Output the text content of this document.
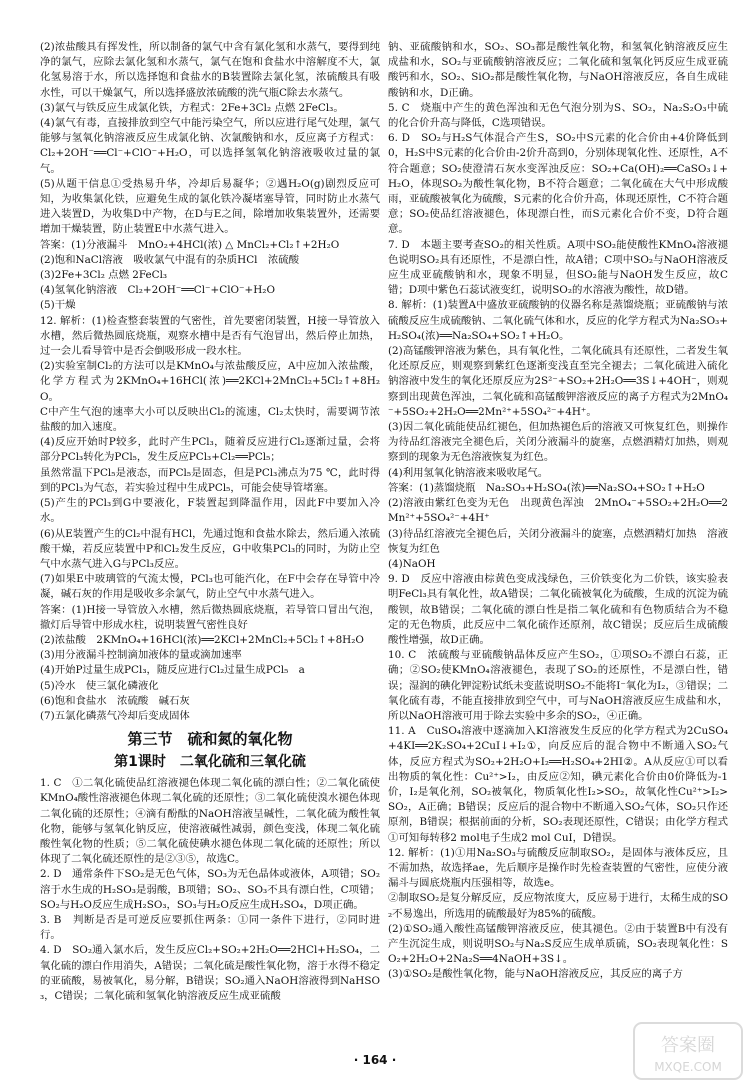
(2)浓盐酸具有挥发性，所以制备的氯气中含有氯化氢和水蒸气，要得到纯净的氯气，应除去氯化氢和水蒸气，氯气在饱和食盐水中溶解度不大，氯化氢易溶于水，所以选择饱和食盐水的B装置除去氯化氢，浓硫酸具有吸水性，可以干燥氯气，所以选择盛放浓硫酸的洗气瓶C除去水蒸气。

(3)氯气与铁反应生成氯化铁，方程式：2Fe+3Cl₂ 点燃 2FeCl₃。

(4)氯气有毒，直接排放到空气中能污染空气，所以应进行尾气处理，氯气能够与氢氧化钠溶液反应生成氯化钠、次氯酸钠和水，反应离子方程式：Cl₂+2OH⁻══Cl⁻+ClO⁻+H₂O，可以选择氢氧化钠溶液吸收过量的氯气。

(5)从题干信息①受热易升华，冷却后易凝华；②遇H₂O(g)剧烈反应可知，为收集氯化铁，应避免生成的氯化铁冷凝堵塞导管，同时防止水蒸气进入装置D，为收集D中产物，在D与E之间，除增加收集装置外，还需要增加干燥装置，防止装置E中水蒸气进入。

答案：(1)分液漏斗　MnO₂+4HCl(浓) △ MnCl₂+Cl₂↑+2H₂O

(2)饱和NaCl溶液　吸收氯气中混有的杂质HCl　浓硫酸

(3)2Fe+3Cl₂ 点燃 2FeCl₃

(4)氢氧化钠溶液　Cl₂+2OH⁻══Cl⁻+ClO⁻+H₂O

(5)干燥

12. 解析：(1)检查整套装置的气密性，首先要密闭装置，H接一导管放入水槽，然后微热圆底烧瓶，观察水槽中是否有气泡冒出，然后停止加热，过一会儿看导管中是否会倒吸形成一段水柱。

(2)实验室制Cl₂的方法可以是KMnO₄与浓盐酸反应，A中应加入浓盐酸，化学方程式为2KMnO₄+16HCl(浓)══2KCl+2MnCl₂+5Cl₂↑+8H₂O。

C中产生气泡的速率大小可以反映出Cl₂的流速，Cl₂太快时，需要调节浓盐酸的加入速度。

(4)反应开始时P较多，此时产生PCl₃，随着反应进行Cl₂逐渐过量，会将部分PCl₃转化为PCl₅，发生反应PCl₃+Cl₂══PCl₅；

虽然常温下PCl₅是液态，而PCl₅是固态，但是PCl₃沸点为75 ℃，此时得到的PCl₃为气态，若实验过程中生成PCl₅，可能会使导管堵塞。

(5)产生的PCl₃到G中要液化，F装置起到降温作用，因此F中要加入冷水。

(6)从E装置产生的Cl₂中混有HCl，先通过饱和食盐水除去，然后通入浓硫酸干燥，若反应装置中P和Cl₂发生反应，G中收集PCl₃的同时，为防止空气中水蒸气进入G与PCl₃反应。

(7)如果E中玻璃管的气流太慢，PCl₃也可能汽化，在F中会存在导管中冷凝，碱石灰的作用是吸收多余氯气，防止空气中水蒸气进入。

答案：(1)H接一导管放入水槽，然后微热圆底烧瓶，若导管口冒出气泡，撤灯后导管中形成水柱，说明装置气密性良好

(2)浓盐酸　2KMnO₄+16HCl(浓)══2KCl+2MnCl₂+5Cl₂↑+8H₂O

(3)用分液漏斗控制滴加液体的量或滴加速率

(4)开始P过量生成PCl₃，随反应进行Cl₂过量生成PCl₅　a

(5)冷水　使三氯化磷液化

(6)饱和食盐水　浓硫酸　碱石灰

(7)五氯化磷蒸气冷却后变成固体

第三节　硫和氮的氧化物
第1课时　二氧化硫和三氧化硫

1. C　①二氧化硫使品红溶液褪色体现二氧化硫的漂白性；②二氧化硫使KMnO₄酸性溶液褪色体现二氧化硫的还原性；③二氧化硫使溴水褪色体现二氧化硫的还原性；④滴有酚酞的NaOH溶液呈碱性，二氧化硫为酸性氧化物，能够与氢氧化钠反应，使溶液碱性减弱，颜色变浅，体现二氧化硫酸性氧化物的性质；⑤二氧化硫使碘水褪色体现二氧化硫的还原性；所以体现了二氧化硫还原性的是②③⑤，故选C。

2. D　通常条件下SO₂是无色气体，SO₃为无色晶体或液体，A项错；SO₂溶于水生成的H₂SO₃是弱酸，B项错；SO₂、SO₃不具有漂白性，C项错；SO₂与H₂O反应生成H₂SO₃，SO₃与H₂O反应生成H₂SO₄，D项正确。

3. B　判断是否是可逆反应要抓住两条：①同一条件下进行，②同时进行。

4. D　SO₂通入氯水后，发生反应Cl₂+SO₂+2H₂O══2HCl+H₂SO₄，二氧化硫的漂白作用消失，A错误；二氧化硫是酸性氧化物，溶于水得不稳定的亚硫酸，易被氧化，易分解，B错误；SO₂通入NaOH溶液得到NaHSO₃，C错误；二氧化硫和氢氧化钠溶液反应生成亚硫酸

钠、亚硫酸钠和水，SO₂、SO₃都是酸性氧化物，和氢氧化钠溶液反应生成盐和水，SO₂与亚硫酸钠溶液反应；二氧化硫和氢氧化钙反应生成亚硫酸钙和水，SO₂、SiO₂都是酸性氧化物，与NaOH溶液反应，各自生成硅酸钠和水，D正确。

5. C　烧瓶中产生的黄色浑浊和无色气泡分别为S、SO₂，Na₂S₂O₃中硫的化合价升高与降低，C选项错误。

6. D　SO₂与H₂S气体混合产生S，SO₂中S元素的化合价由+4价降低到0，H₂S中S元素的化合价由-2价升高到0，分别体现氧化性、还原性，A不符合题意；SO₂使澄清石灰水变浑浊反应：SO₂+Ca(OH)₂══CaSO₃↓+H₂O，体现SO₂为酸性氧化物，B不符合题意；二氧化硫在大气中形成酸雨，亚硫酸被氧化为硫酸，S元素的化合价升高，体现还原性，C不符合题意；SO₂使品红溶液褪色，体现漂白性，而S元素化合价不变，D符合题意。

7. D　本题主要考查SO₂的相关性质。A项中SO₂能使酸性KMnO₄溶液褪色说明SO₂具有还原性，不是漂白性，故A错；C项中SO₂与NaOH溶液反应生成亚硫酸钠和水，现象不明显，但SO₂能与NaOH发生反应，故C错；D项中紫色石蕊试液变红，说明SO₂的水溶液为酸性，故D错。

8. 解析：(1)装置A中盛放亚硫酸钠的仪器名称是蒸馏烧瓶；亚硫酸钠与浓硫酸反应生成硫酸钠、二氧化硫气体和水，反应的化学方程式为Na₂SO₃+H₂SO₄(浓)══Na₂SO₄+SO₂↑+H₂O。

(2)高锰酸钾溶液为紫色，具有氧化性，二氧化硫具有还原性，二者发生氧化还原反应，则观察到紫红色逐渐变浅直至完全褪去；二氧化硫进入硫化钠溶液中发生的氧化还原反应为2S²⁻+SO₂+2H₂O══3S↓+4OH⁻，则观察到出现黄色浑浊，二氧化硫和高锰酸钾溶液反应的离子方程式为2MnO₄⁻+5SO₂+2H₂O══2Mn²⁺+5SO₄²⁻+4H⁺。

(3)因二氧化硫能使品红褪色，但加热褪色后的溶液又可恢复红色，则操作为待品红溶液完全褪色后，关闭分液漏斗的旋塞，点燃酒精灯加热，则观察到的现象为无色溶液恢复为红色。

(4)利用氢氧化钠溶液来吸收尾气。

答案：(1)蒸馏烧瓶　Na₂SO₃+H₂SO₄(浓)══Na₂SO₄+SO₂↑+H₂O

(2)溶液由紫红色变为无色　出现黄色浑浊　2MnO₄⁻+5SO₂+2H₂O══2Mn²⁺+5SO₄²⁻+4H⁺

(3)待品红溶液完全褪色后，关闭分液漏斗的旋塞，点燃酒精灯加热　溶液恢复为红色

(4)NaOH

9. D　反应中溶液由棕黄色变成浅绿色，三价铁变化为二价铁，该实验表明FeCl₃具有氧化性，故A错误；二氧化硫被氧化为硫酸，生成的沉淀为硫酸钡，故B错误；二氧化硫的漂白性是指二氧化硫和有色物质结合为不稳定的无色物质，此反应中二氧化硫作还原剂，故C错误；反应后生成硫酸酸性增强，故D正确。

10. C　浓硫酸与亚硫酸钠晶体反应产生SO₂，①项SO₂不漂白石蕊，正确；②SO₂使KMnO₄溶液褪色，表现了SO₂的还原性，不是漂白性，错误；湿润的碘化钾淀粉试纸未变蓝说明SO₂不能将I⁻氧化为I₂，③错误；二氧化硫有毒，不能直接排放到空气中，可与NaOH溶液反应生成盐和水，所以NaOH溶液可用于除去实验中多余的SO₂，④正确。

11. A　CuSO₄溶液中逐滴加入KI溶液发生反应的化学方程式为2CuSO₄+4KI══2K₂SO₄+2CuI↓+I₂①，向反应后的混合物中不断通入SO₂气体，反应方程式为SO₂+2H₂O+I₂══H₂SO₄+2HI②。A从反应①可以看出物质的氧化性：Cu²⁺>I₂，由反应②知，碘元素化合价由0价降低为-1价，I₂是氧化剂，SO₂被氧化，物质氧化性I₂>SO₂，故氧化性Cu²⁺>I₂>SO₂，A正确；B错误；反应后的混合物中不断通入SO₂气体，SO₂只作还原剂，B错误；根据前面的分析，SO₂表现还原性，C错误；由化学方程式①可知每转移2 mol电子生成2 mol CuI，D错误。

12. 解析：(1)①用Na₂SO₃与硫酸反应制取SO₂，是固体与液体反应，且不需加热，故选择ae，先后顺序是操作时先检查装置的气密性，应使分液漏斗与圆底烧瓶内压强相等，故选e。

②制取SO₂是复分解反应，反应物浓度大，反应易于进行，太稀生成的SO₂不易逸出，所选用的硫酸最好为85%的硫酸。

(2)①SO₂通入酸性高锰酸钾溶液反应，使其褪色。②由于装置B中有没有产生沉淀生成，则说明SO₂与Na₂S反应生成单质硫，SO₂表现氧化性：SO₂+2H₂O+2Na₂S══4NaOH+3S↓。

(3)①SO₂是酸性氧化物，能与NaOH溶液反应，其反应的离子方

· 164 ·
答案圈
MXQE.COM
